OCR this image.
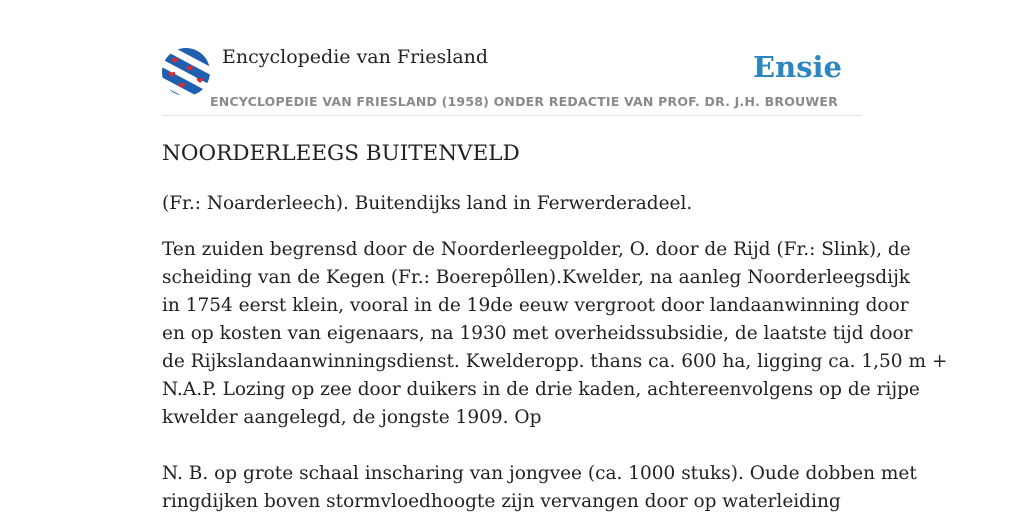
Encyclopedie van Friesland	Ensie
ENCYCLOPEDIE VAN FRIESLAND (1958) ONDER REDACTIE VAN PROF. DR. J.H. BROUWER
NOORDERLEEGS BUITENVELD

(Fr.: Noarderleech). Buitendijks land in Ferwerderadeel.

Ten zuiden begrensd door de Noorderleegpolder, O. door de Rijd (Fr.: Slink), de
scheiding van de Kegen (Fr.: Boerepôllen).Kwelder, na aanleg Noorderleegsdijk
in 1754 eerst klein, vooral in de 19de eeuw vergroot door landaanwinning door
en op kosten van eigenaars, na 1930 met overheidssubsidie, de laatste tijd door
de Rijkslandaanwinningsdienst. Kwelderopp. thans ca. 600 ha, ligging ca. 1,50 m +
N.A.P. Lozing op zee door duikers in de drie kaden, achtereenvolgens op de rijpe
kwelder aangelegd, de jongste 1909. Op
N. B. op grote schaal inscharing van jongvee (ca. 1000 stuks). Oude dobben met
ringdijken boven stormvloedhoogte zijn vervangen door op waterleiding
